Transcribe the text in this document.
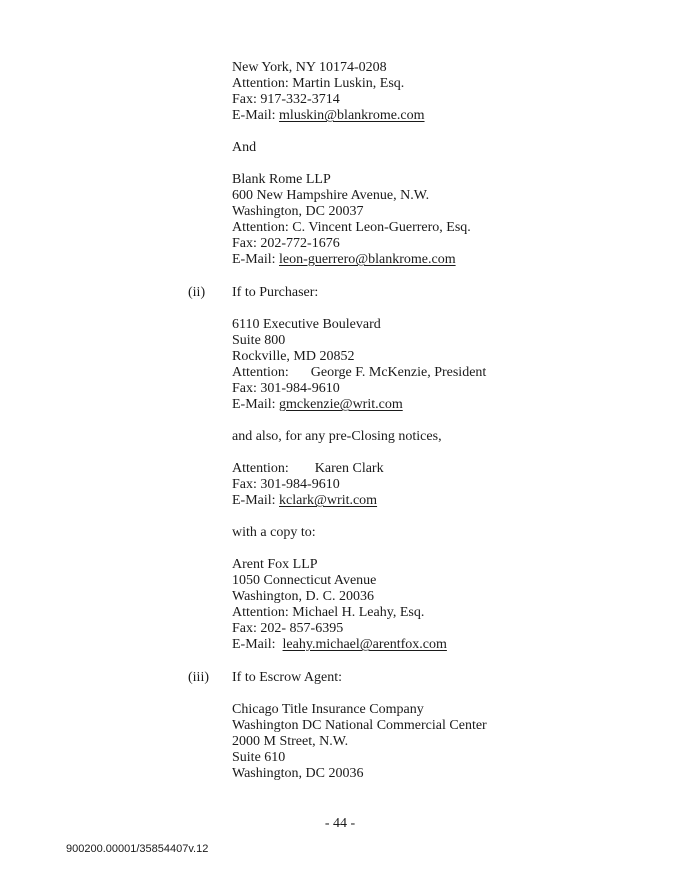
New York, NY 10174-0208
Attention: Martin Luskin, Esq.
Fax: 917-332-3714
E-Mail: mluskin@blankrome.com
And
Blank Rome LLP
600 New Hampshire Avenue, N.W.
Washington, DC 20037
Attention: C. Vincent Leon-Guerrero, Esq.
Fax: 202-772-1676
E-Mail: leon-guerrero@blankrome.com
(ii) If to Purchaser:
6110 Executive Boulevard
Suite 800
Rockville, MD 20852
Attention: George F. McKenzie, President
Fax: 301-984-9610
E-Mail: gmckenzie@writ.com
and also, for any pre-Closing notices,
Attention: Karen Clark
Fax: 301-984-9610
E-Mail: kclark@writ.com
with a copy to:
Arent Fox LLP
1050 Connecticut Avenue
Washington, D. C. 20036
Attention: Michael H. Leahy, Esq.
Fax: 202- 857-6395
E-Mail:  leahy.michael@arentfox.com
(iii) If to Escrow Agent:
Chicago Title Insurance Company
Washington DC National Commercial Center
2000 M Street, N.W.
Suite 610
Washington, DC 20036
- 44 -
900200.00001/35854407v.12
